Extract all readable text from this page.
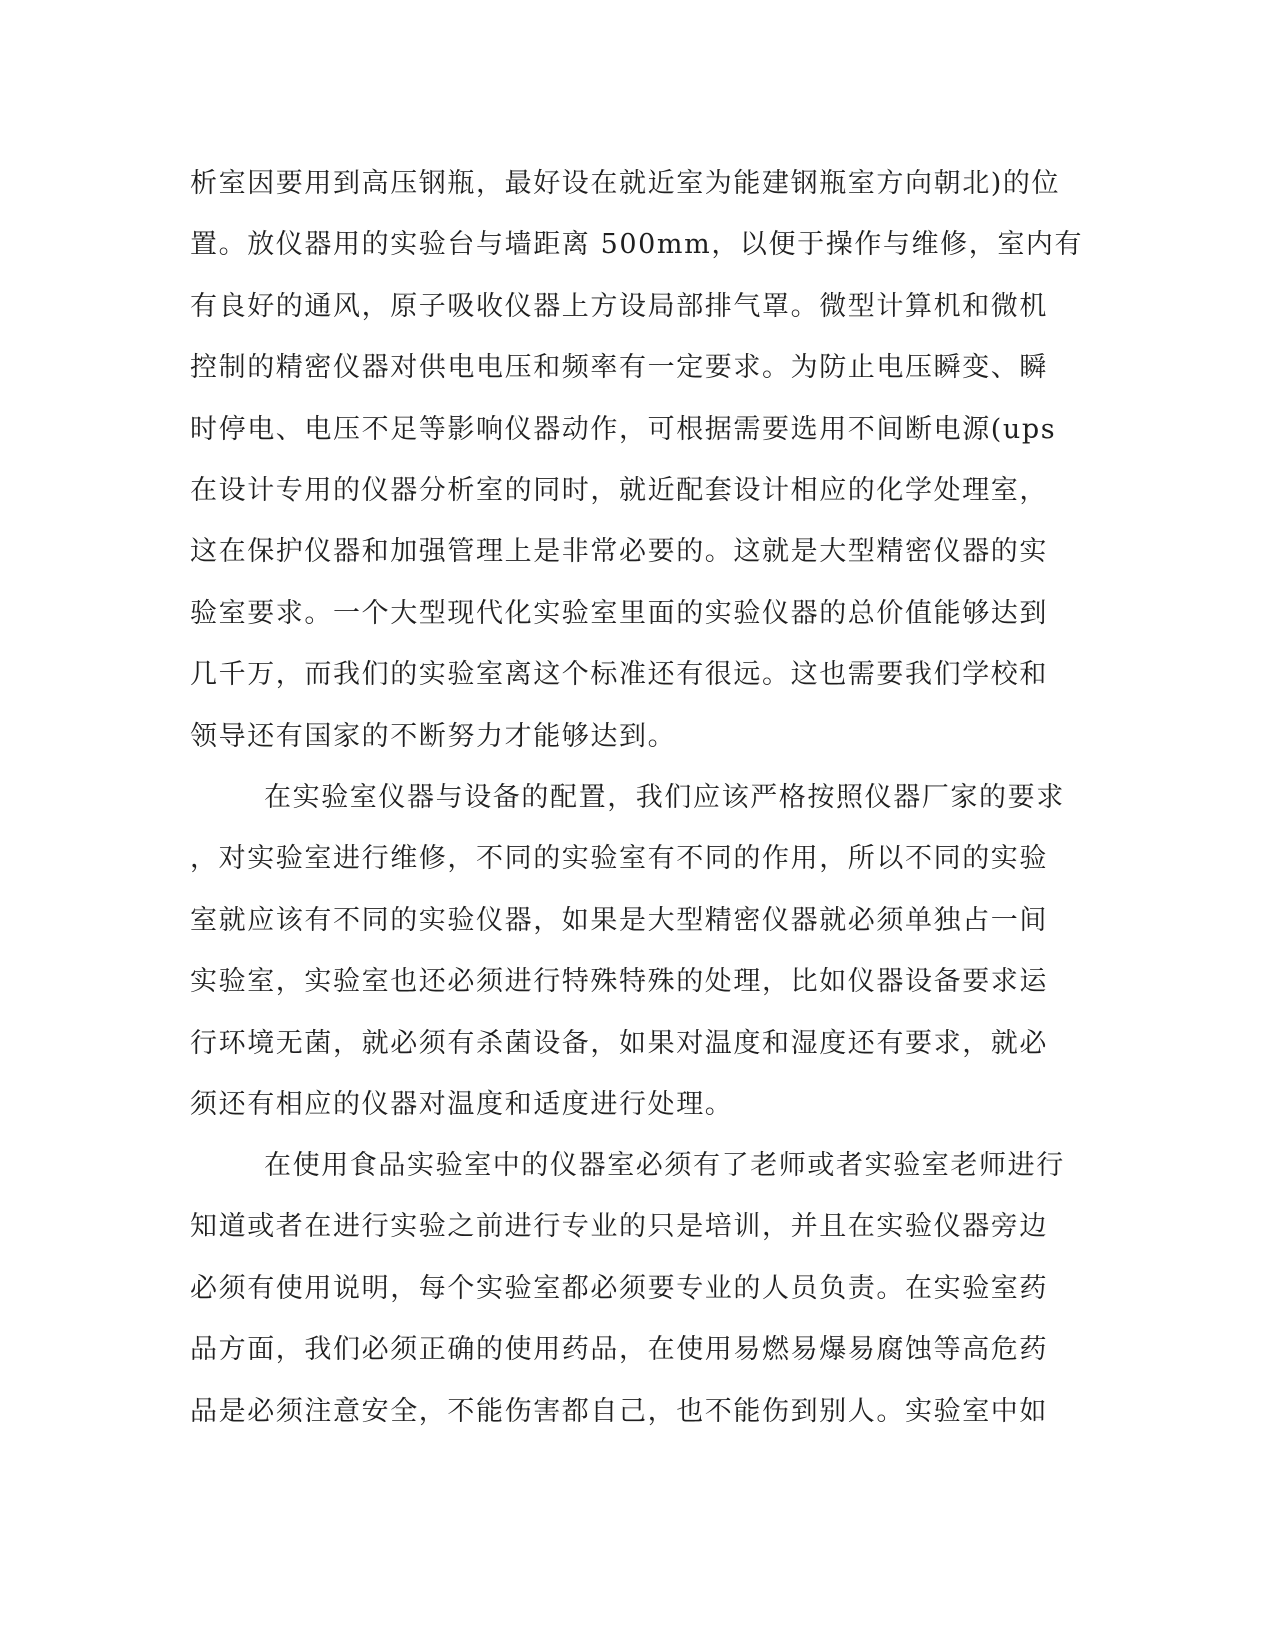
析室因要用到高压钢瓶，最好设在就近室为能建钢瓶室方向朝北)的位
置。放仪器用的实验台与墙距离 500mm，以便于操作与维修，室内有
有良好的通风，原子吸收仪器上方设局部排气罩。微型计算机和微机
控制的精密仪器对供电电压和频率有一定要求。为防止电压瞬变、瞬
时停电、电压不足等影响仪器动作，可根据需要选用不间断电源(ups
在设计专用的仪器分析室的同时，就近配套设计相应的化学处理室，
这在保护仪器和加强管理上是非常必要的。这就是大型精密仪器的实
验室要求。一个大型现代化实验室里面的实验仪器的总价值能够达到
几千万，而我们的实验室离这个标准还有很远。这也需要我们学校和
领导还有国家的不断努力才能够达到。
在实验室仪器与设备的配置，我们应该严格按照仪器厂家的要求
，对实验室进行维修，不同的实验室有不同的作用，所以不同的实验
室就应该有不同的实验仪器，如果是大型精密仪器就必须单独占一间
实验室，实验室也还必须进行特殊特殊的处理，比如仪器设备要求运
行环境无菌，就必须有杀菌设备，如果对温度和湿度还有要求，就必
须还有相应的仪器对温度和适度进行处理。
在使用食品实验室中的仪器室必须有了老师或者实验室老师进行
知道或者在进行实验之前进行专业的只是培训，并且在实验仪器旁边
必须有使用说明，每个实验室都必须要专业的人员负责。在实验室药
品方面，我们必须正确的使用药品，在使用易燃易爆易腐蚀等高危药
品是必须注意安全，不能伤害都自己，也不能伤到别人。实验室中如
